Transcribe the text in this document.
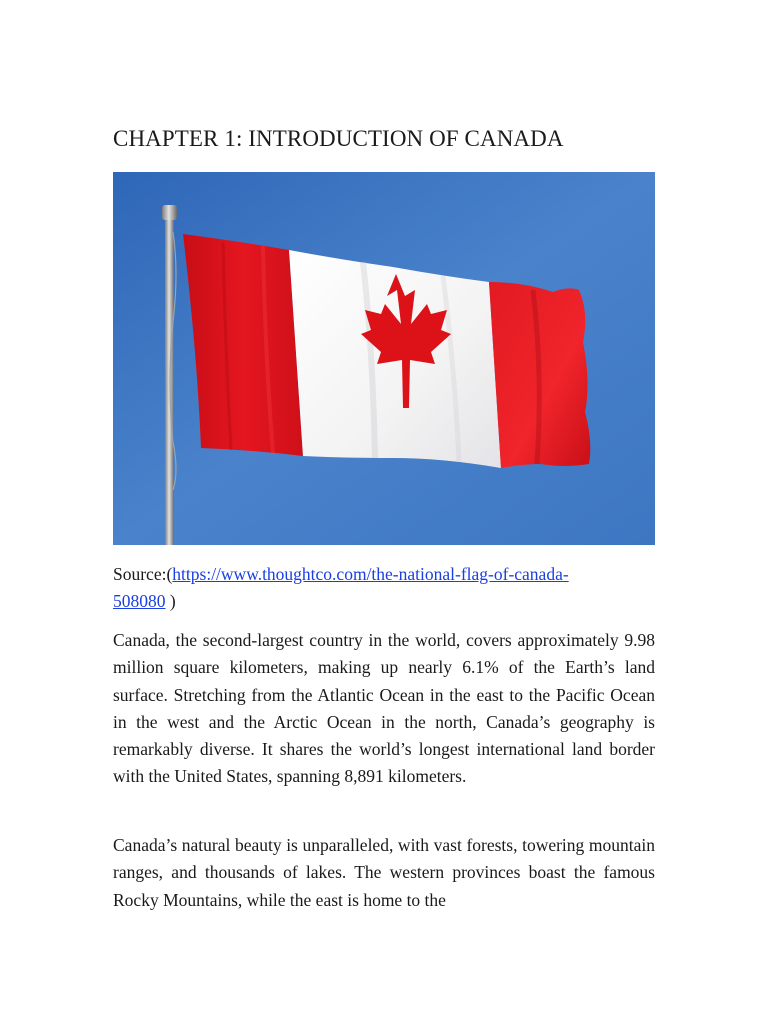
CHAPTER 1: INTRODUCTION OF CANADA

Source:(https://www.thoughtco.com/the-national-flag-of-canada-
508080 )

Canada, the second-largest country in the world, covers approximately 9.98 million square kilometers, making up nearly 6.1% of the Earth’s land surface. Stretching from the Atlantic Ocean in the east to the Pacific Ocean in the west and the Arctic Ocean in the north, Canada’s geography is remarkably diverse. It shares the world’s longest international land border with the United States, spanning 8,891 kilometers.

Canada’s natural beauty is unparalleled, with vast forests, towering mountain ranges, and thousands of lakes. The western provinces boast the famous Rocky Mountains, while the east is home to the
